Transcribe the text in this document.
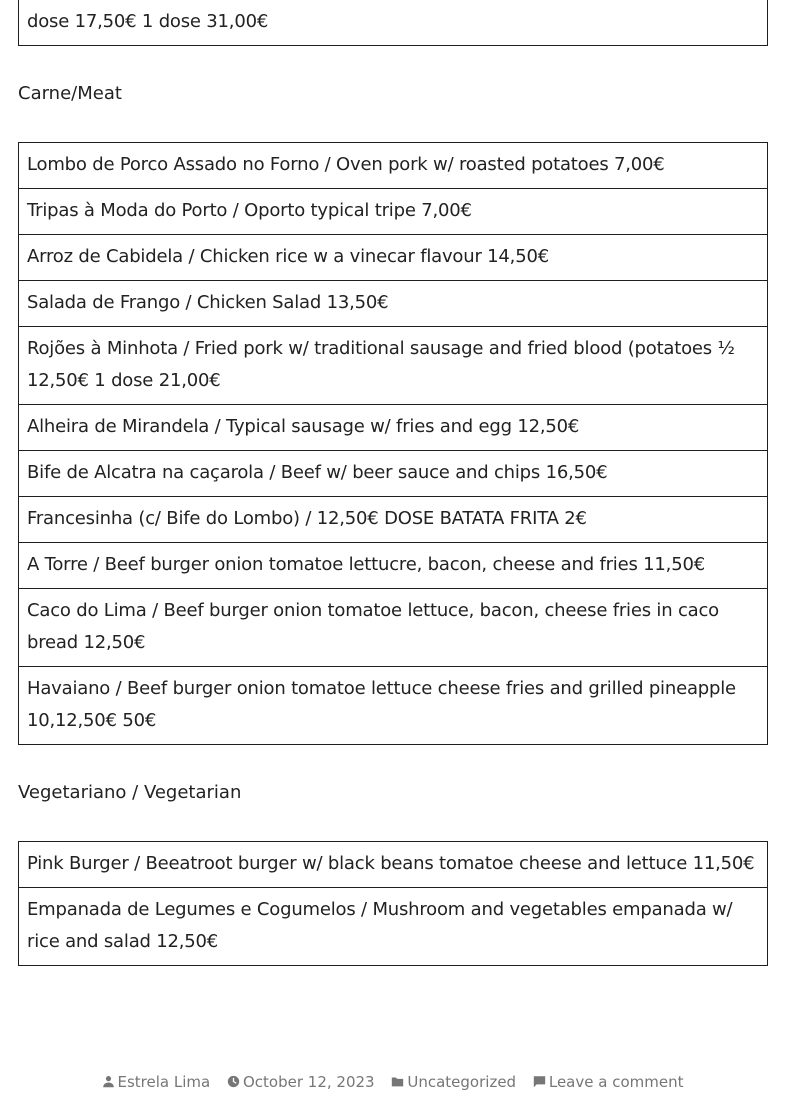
dose 17,50€ 1 dose 31,00€

Carne/Meat

Lombo de Porco Assado no Forno / Oven pork w/ roasted potatoes 7,00€
Tripas à Moda do Porto / Oporto typical tripe 7,00€
Arroz de Cabidela / Chicken rice w a vinecar flavour 14,50€
Salada de Frango / Chicken Salad 13,50€
Rojões à Minhota / Fried pork w/ traditional sausage and fried blood (potatoes ½ 12,50€ 1 dose 21,00€
Alheira de Mirandela / Typical sausage w/ fries and egg 12,50€
Bife de Alcatra na caçarola / Beef w/ beer sauce and chips 16,50€
Francesinha (c/ Bife do Lombo) / 12,50€ DOSE BATATA FRITA 2€
A Torre / Beef burger onion tomatoe lettucre, bacon, cheese and fries 11,50€
Caco do Lima / Beef burger onion tomatoe lettuce, bacon, cheese fries in caco bread 12,50€
Havaiano / Beef burger onion tomatoe lettuce cheese fries and grilled pineapple 10,12,50€ 50€

Vegetariano / Vegetarian

Pink Burger / Beeatroot burger w/ black beans tomatoe cheese and lettuce 11,50€
Empanada de Legumes e Cogumelos / Mushroom and vegetables empanada w/ rice and salad 12,50€
Estrela Lima October 12, 2023 Uncategorized Leave a comment
